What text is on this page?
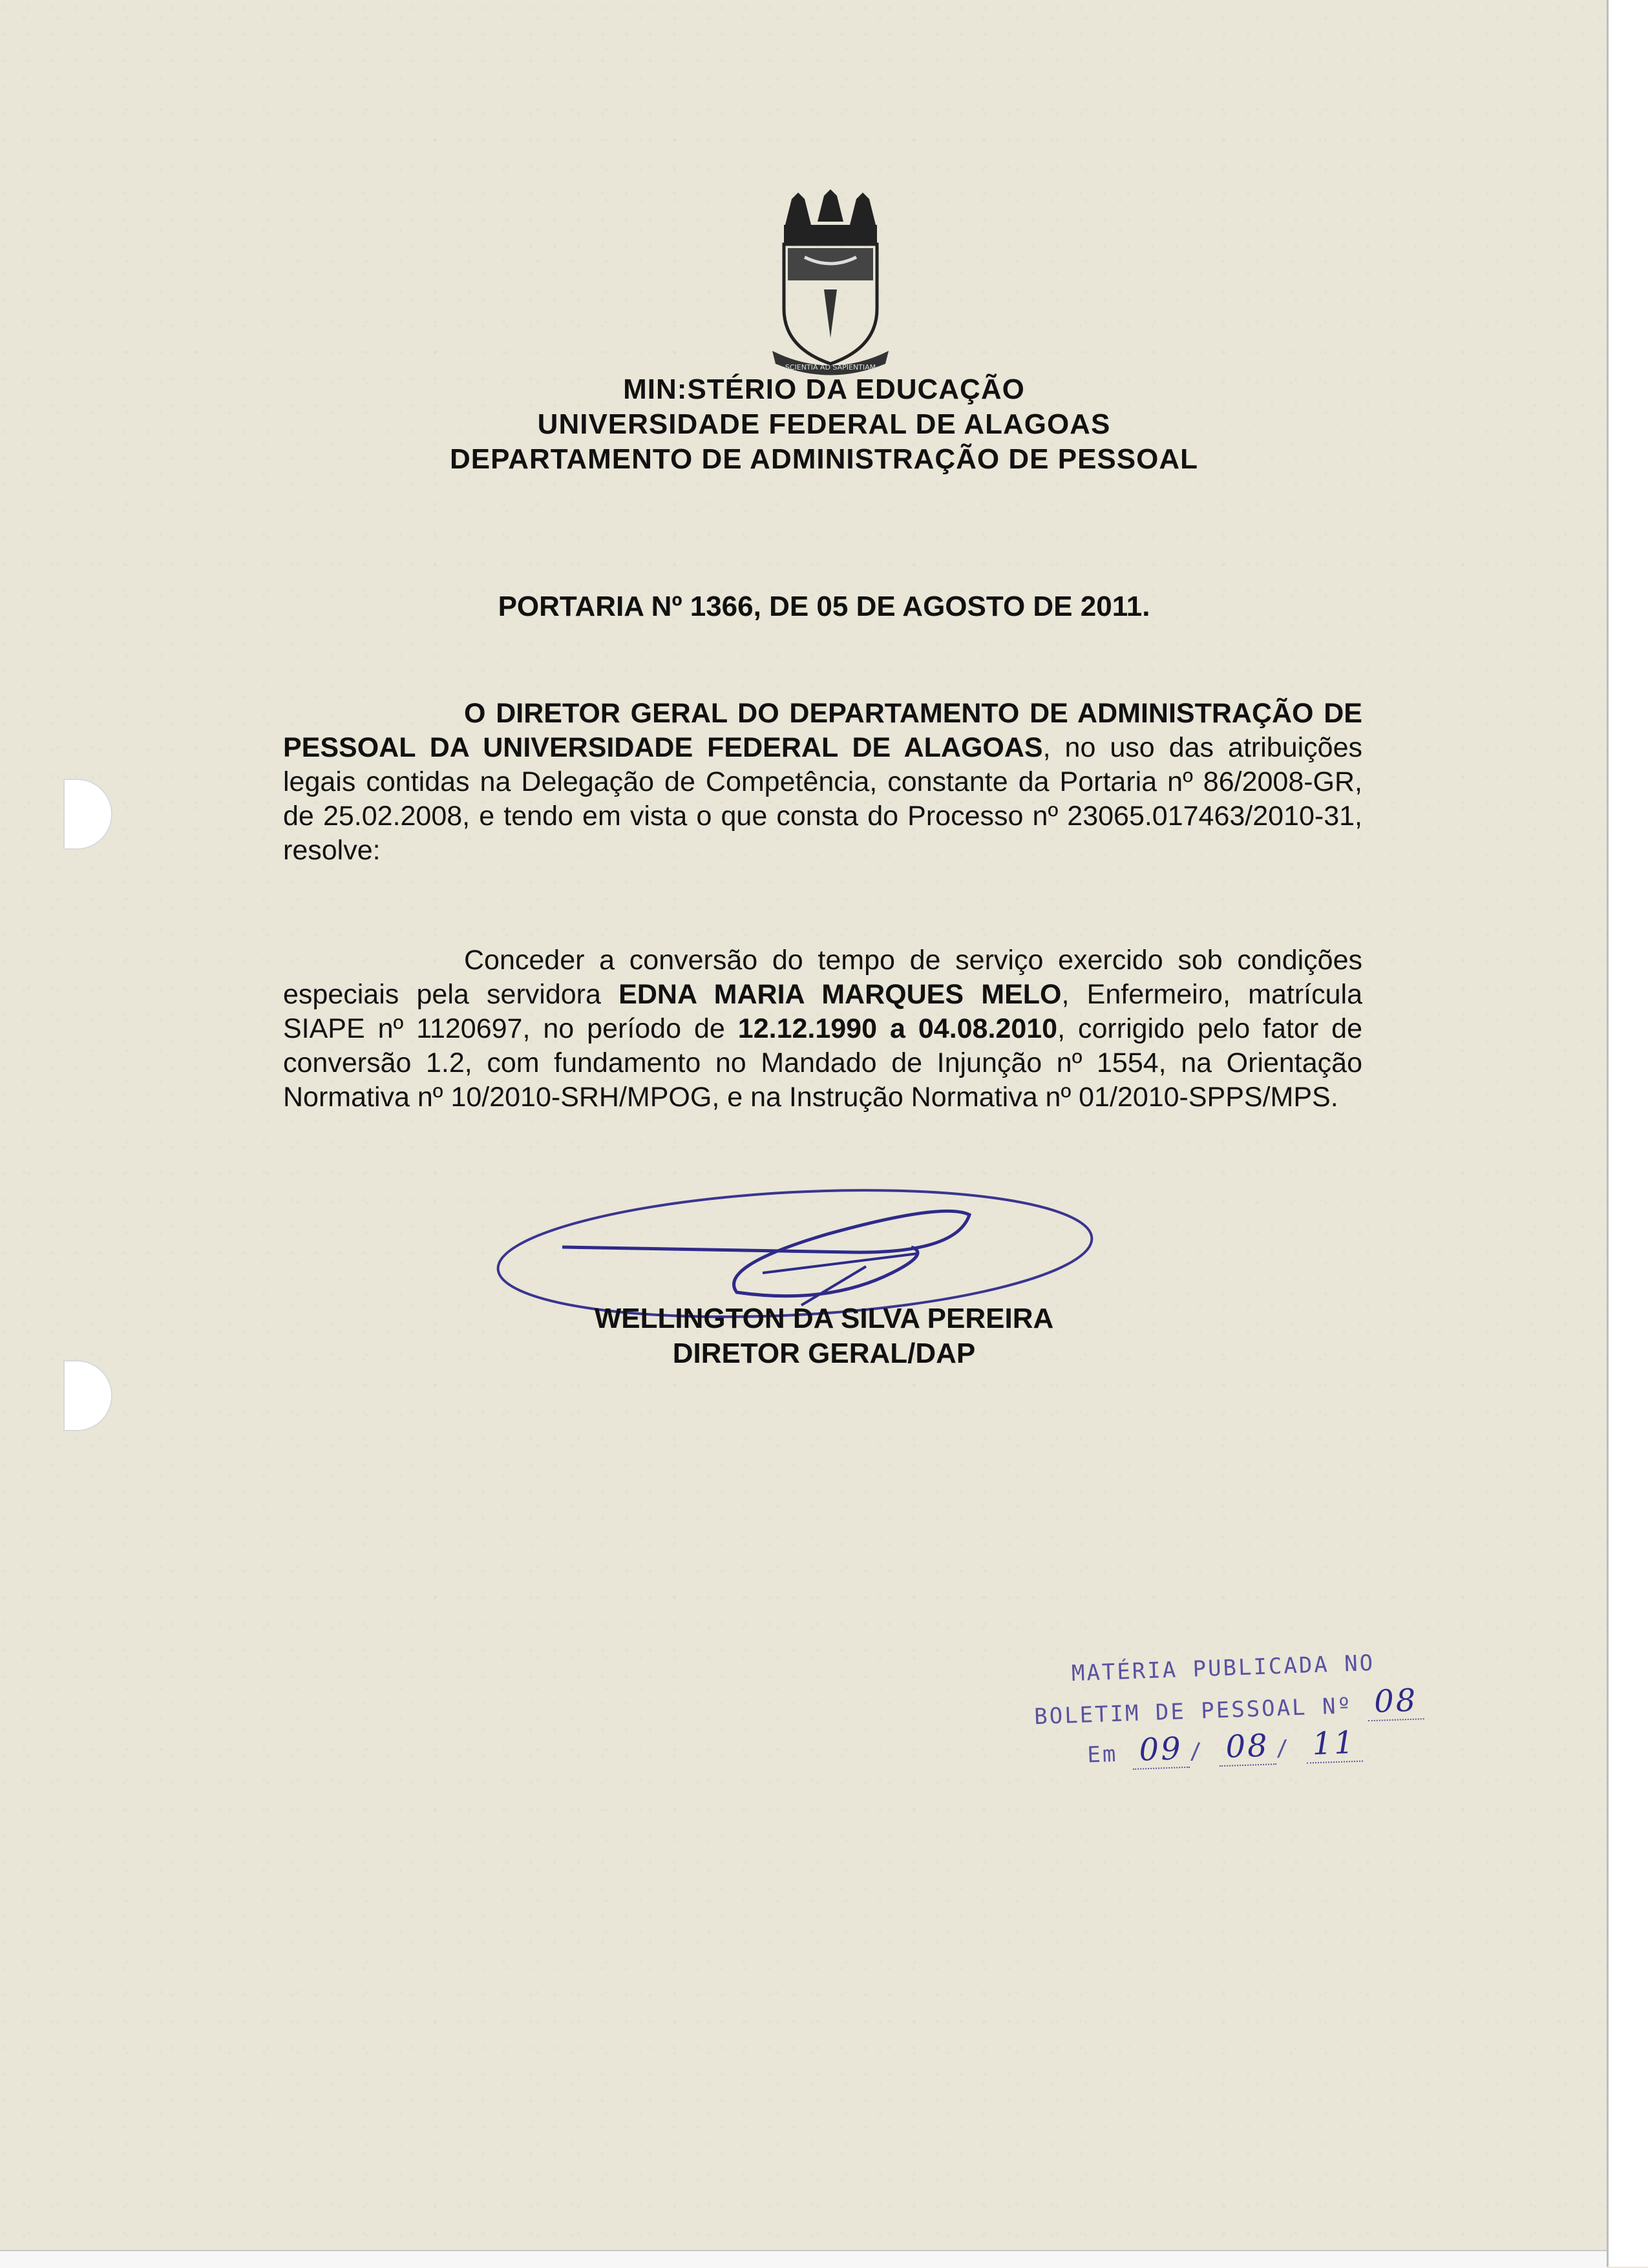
SCIENTIA AD SAPIENTIAM
MIN:STÉRIO DA EDUCAÇÃO
UNIVERSIDADE FEDERAL DE ALAGOAS
DEPARTAMENTO DE ADMINISTRAÇÃO DE PESSOAL
PORTARIA Nº 1366, DE 05 DE AGOSTO DE 2011.
O DIRETOR GERAL DO DEPARTAMENTO DE ADMINISTRAÇÃO DE PESSOAL DA UNIVERSIDADE FEDERAL DE ALAGOAS, no uso das atribuições legais contidas na Delegação de Competência, constante da Portaria nº 86/2008-GR, de 25.02.2008, e tendo em vista o que consta do Processo nº 23065.017463/2010-31, resolve:
Conceder a conversão do tempo de serviço exercido sob condições especiais pela servidora EDNA MARIA MARQUES MELO, Enfermeiro, matrícula SIAPE nº 1120697, no período de 12.12.1990 a 04.08.2010, corrigido pelo fator de conversão 1.2, com fundamento no Mandado de Injunção nº 1554, na Orientação Normativa nº 10/2010-SRH/MPOG, e na Instrução Normativa nº 01/2010-SPPS/MPS.
WELLINGTON DA SILVA PEREIRA
DIRETOR GERAL/DAP
MATÉRIA PUBLICADA NO
BOLETIM DE PESSOAL Nº 08
Em 09 / 08 / 11
